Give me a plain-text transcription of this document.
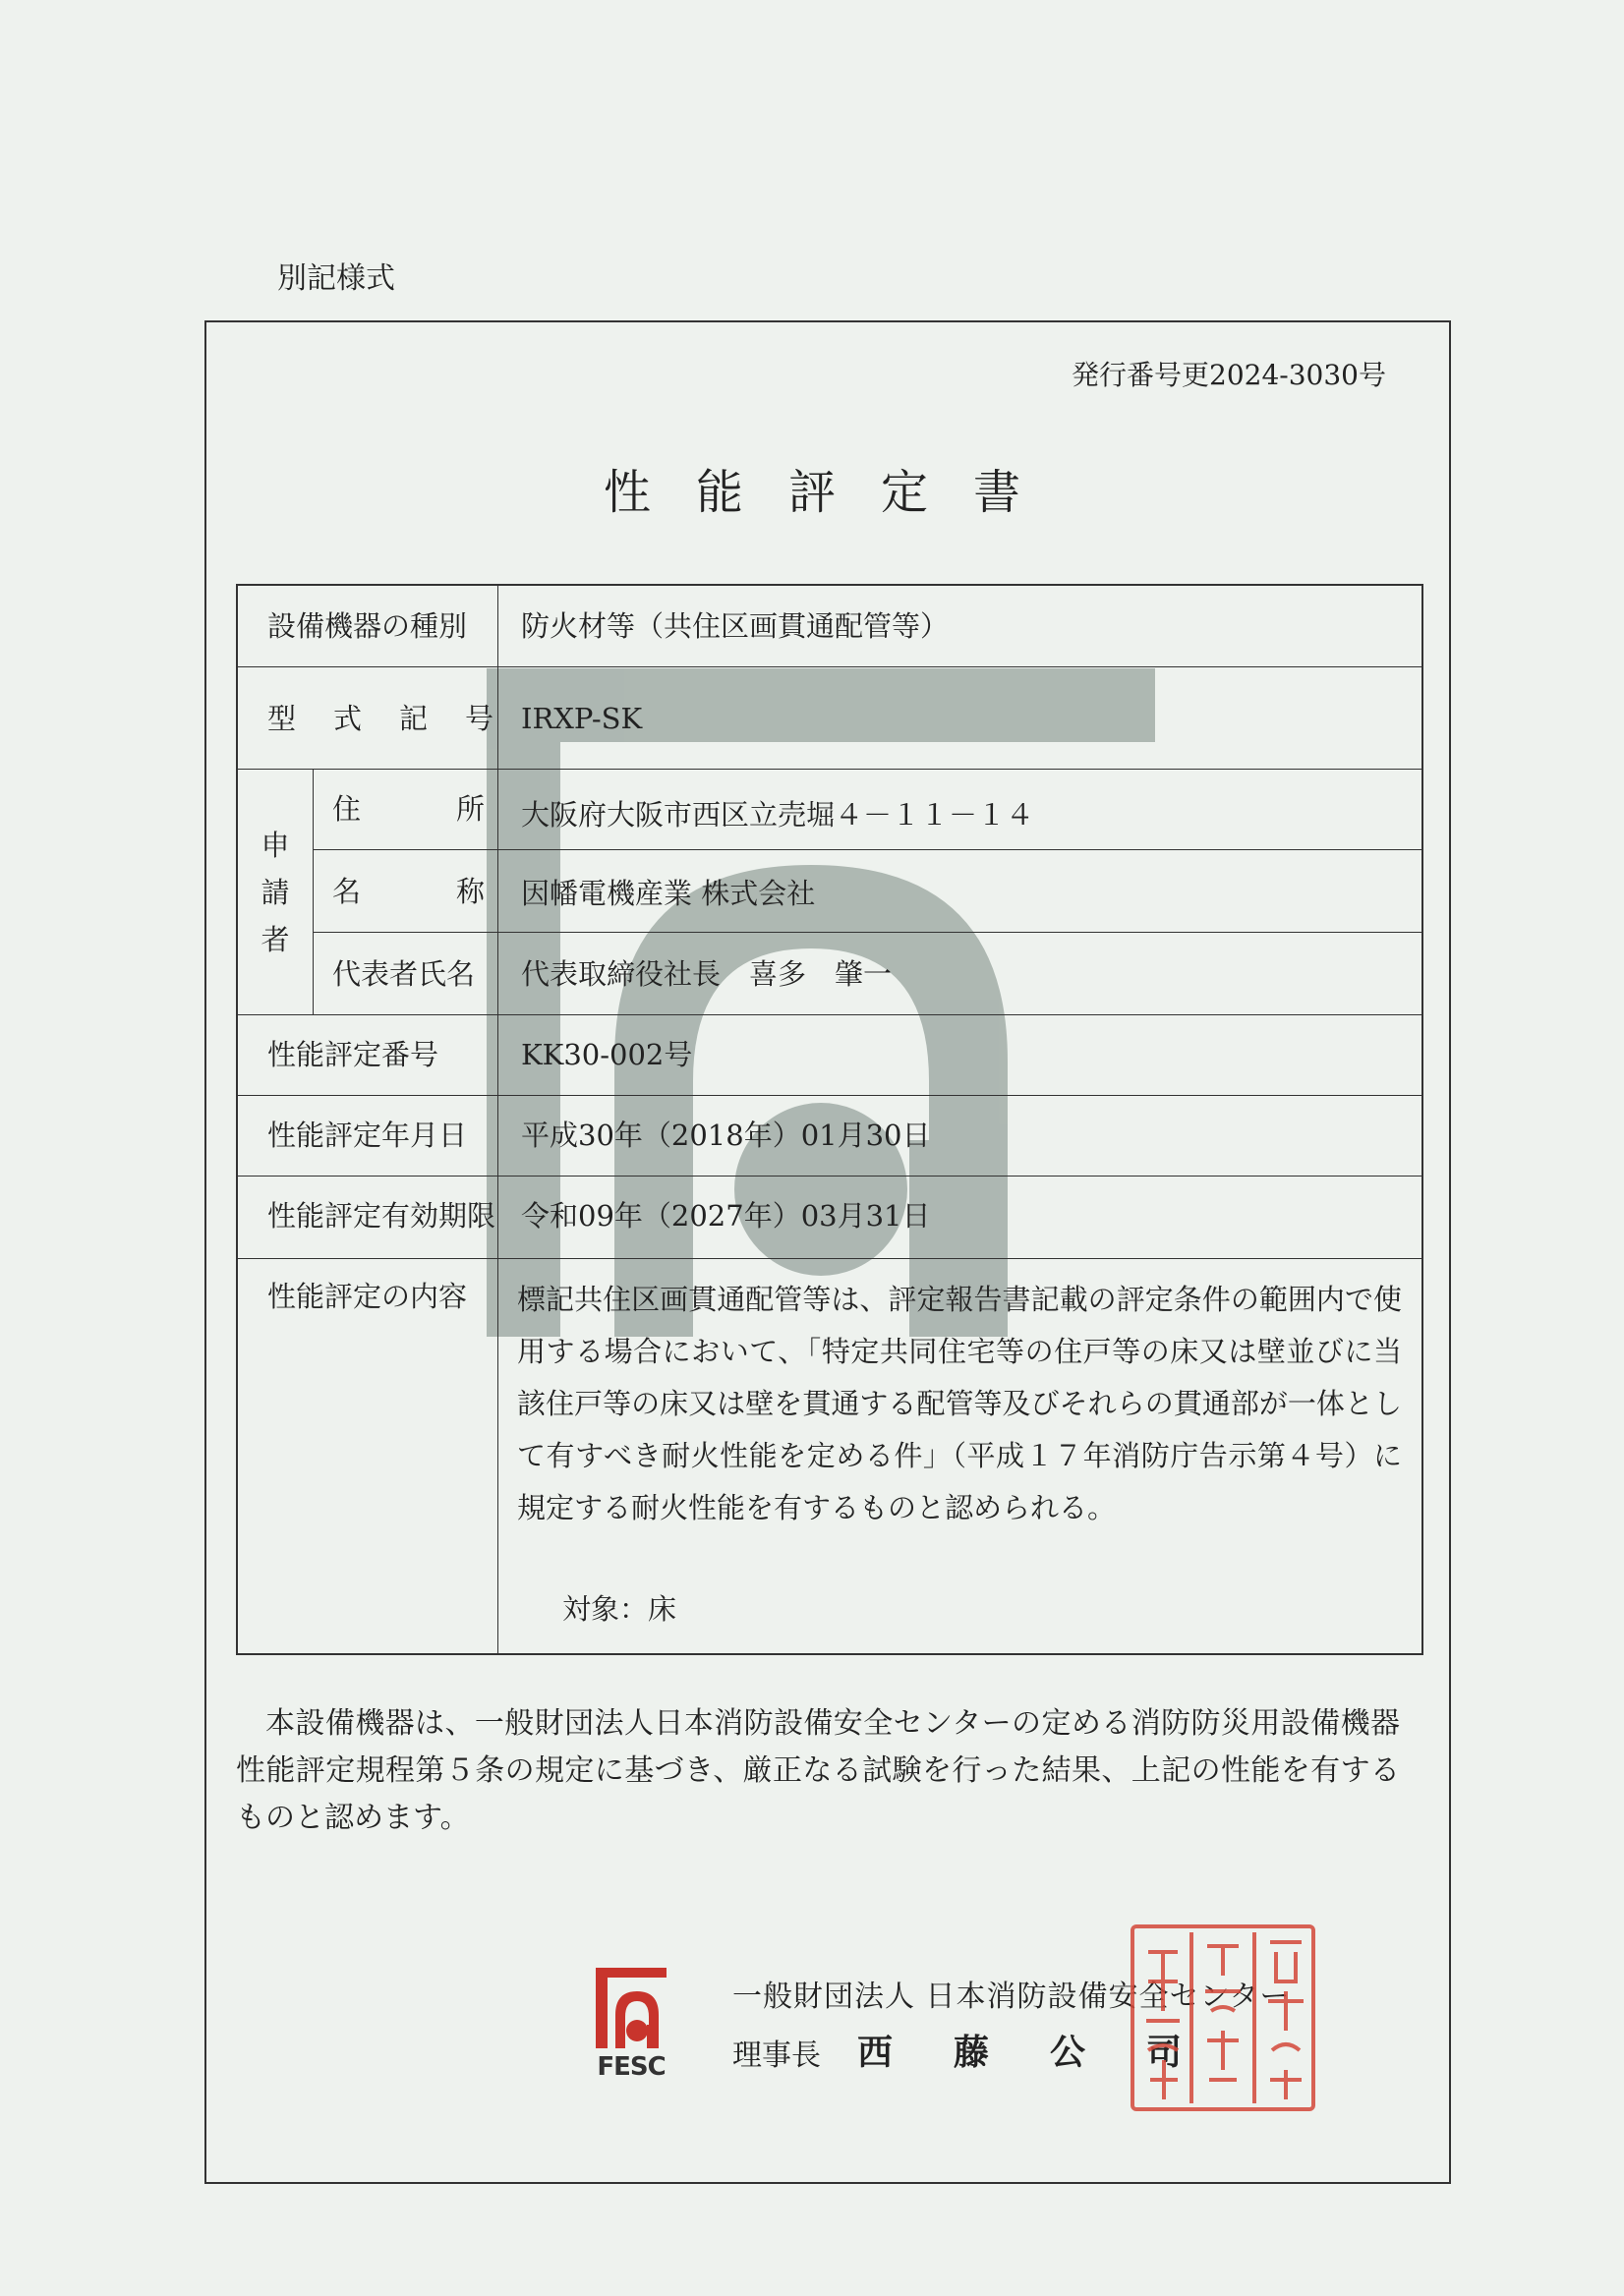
別記様式
発行番号更2024-3030号
性能評定書
設備機器の種別 防火材等（共住区画貫通配管等）
型 式 記 号 IRXP-SK
申請者
住	所 大阪府大阪市西区立売堀４－１１－１４
名	称 因幡電機産業 株式会社
代表者氏名 代表取締役社長　喜多　肇一
性能評定番号	KK30-002号
性能評定年月日 平成30年（2018年）01月30日
性能評定有効期限 令和09年（2027年）03月31日
性能評定の内容 標記共住区画貫通配管等は、評定報告書記載の評定条件の範囲内で使用する場合において、「特定共同住宅等の住戸等の床又は壁並びに当該住戸等の床又は壁を貫通する配管等及びそれらの貫通部が一体として有すべき耐火性能を定める件」（平成１７年消防庁告示第４号）に規定する耐火性能を有するものと認められる。
対象：床
本設備機器は、一般財団法人日本消防設備安全センターの定める消防防災用設備機器性能評定規程第５条の規定に基づき、厳正なる試験を行った結果、上記の性能を有するものと認めます。
FESC
一般財団法人 日本消防設備安全センター
理事長 西 藤 公 司
